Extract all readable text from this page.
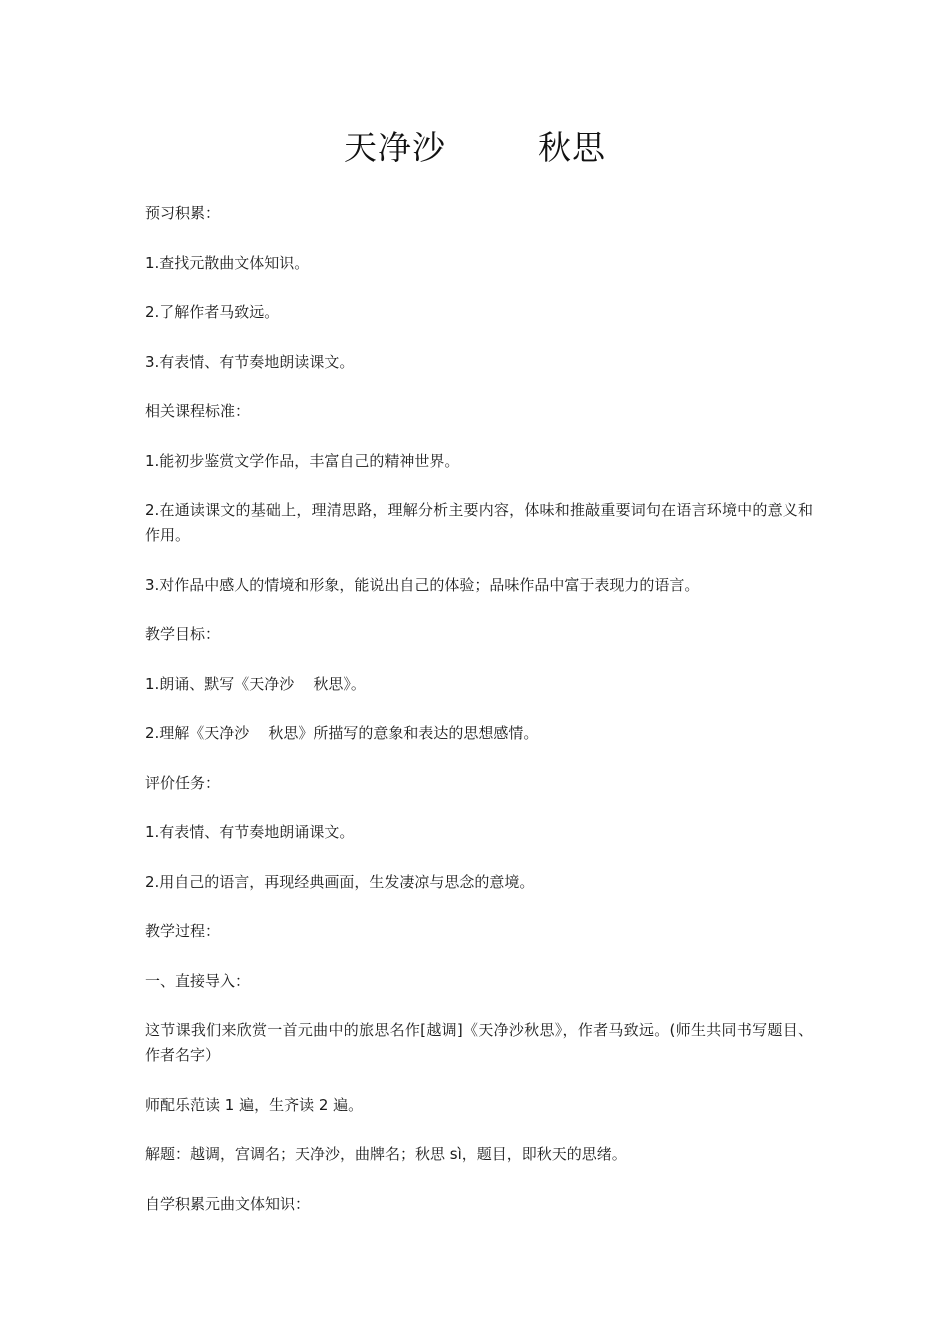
天净沙        秋思

预习积累：

1.查找元散曲文体知识。

2.了解作者马致远。

3.有表情、有节奏地朗读课文。

相关课程标准：

1.能初步鉴赏文学作品，丰富自己的精神世界。

2.在通读课文的基础上，理清思路，理解分析主要内容，体味和推敲重要词句在语言环境中的意义和作用。

3.对作品中感人的情境和形象，能说出自己的体验；品味作品中富于表现力的语言。

教学目标：

1.朗诵、默写《天净沙    秋思》。

2.理解《天净沙    秋思》所描写的意象和表达的思想感情。

评价任务：

1.有表情、有节奏地朗诵课文。

2.用自己的语言，再现经典画面，生发凄凉与思念的意境。

教学过程：

一、直接导入：

这节课我们来欣赏一首元曲中的旅思名作[越调]《天净沙秋思》，作者马致远。(师生共同书写题目、作者名字）

师配乐范读 1 遍，生齐读 2 遍。

解题：越调，宫调名；天净沙，曲牌名；秋思 sì，题目，即秋天的思绪。

自学积累元曲文体知识：
